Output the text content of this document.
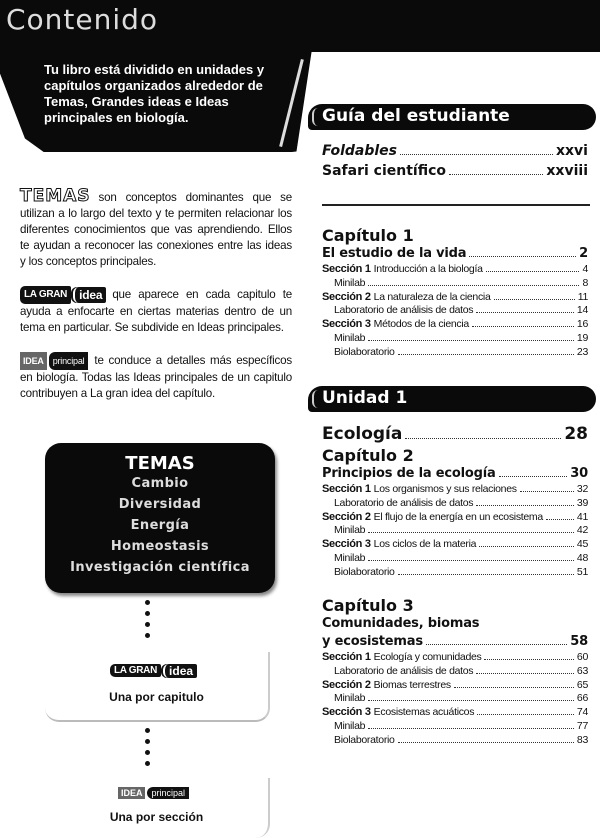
Contenido
Tu libro está dividido en unidades y capítulos organizados alrededor de Temas, Grandes ideas e Ideas principales en biología.
TEMAS son conceptos dominantes que se utilizan a lo largo del texto y te permiten relacionar los diferentes conocimientos que vas aprendiendo. Ellos te ayudan a reconocer las conexiones entre las ideas y los conceptos principales.
LA GRAN	idea que aparece en cada capitulo te ayuda a enfocarte en ciertas materias dentro de un tema en particular. Se subdivide en Ideas principales.
IDEA	principal te conduce a detalles más específicos en biología. Todas las Ideas principales de un capitulo contribuyen a La gran idea del capítulo.
TEMAS
Cambio
Diversidad
Energía
Homeostasis
Investigación científica
LA GRAN	idea
Una por capitulo
IDEA	principal
Una por sección
Guía del estudiante
Foldables	xxvi
Safari científico	xxviii
Capítulo 1
El estudio de la vida	2
Sección 1 Introducción a la biología	4
Minilab	8
Sección 2 La naturaleza de la ciencia	11
Laboratorio de análisis de datos	14
Sección 3 Métodos de la ciencia	16
Minilab	19
Biolaboratorio	23
Unidad 1
Ecología	28
Capítulo 2
Principios de la ecología	30
Sección 1 Los organismos y sus relaciones	32
Laboratorio de análisis de datos	39
Sección 2 El flujo de la energía en un ecosistema	41
Minilab	42
Sección 3 Los ciclos de la materia	45
Minilab	48
Biolaboratorio	51
Capítulo 3
Comunidades, biomas
y ecosistemas	58
Sección 1 Ecología y comunidades	60
Laboratorio de análisis de datos	63
Sección 2 Biomas terrestres	65
Minilab	66
Sección 3 Ecosistemas acuáticos	74
Minilab	77
Biolaboratorio	83
